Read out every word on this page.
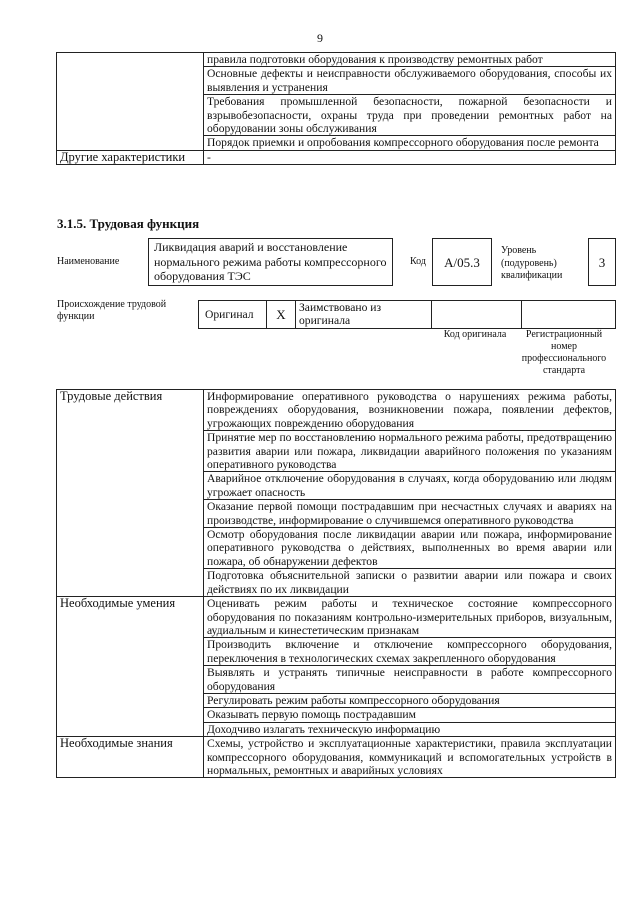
9
	правила подготовки оборудования к производству ремонтных работ
	Основные дефекты и неисправности обслуживаемого оборудования, способы их выявления и устранения
	Требования промышленной безопасности, пожарной безопасности и взрывобезопасности, охраны труда при проведении ремонтных работ на оборудовании зоны обслуживания
	Порядок приемки и опробования компрессорного оборудования после ремонта
Другие характеристики	-
3.1.5. Трудовая функция
Наименование
Ликвидация аварий и восстановление нормального режима работы компрессорного оборудования ТЭС
Код	A/05.3
Уровень (подуровень) квалификации
3
Происхождение трудовой функции	Оригинал	X	Заимствовано из оригинала		
Код оригинала	Регистрационный номер профессионального стандарта
Трудовые действия	Информирование оперативного руководства о нарушениях режима работы, повреждениях оборудования, возникновении пожара, появлении дефектов, угрожающих повреждению оборудования
	Принятие мер по восстановлению нормального режима работы, предотвращению развития аварии или пожара, ликвидации аварийного положения по указаниям оперативного руководства
	Аварийное отключение оборудования в случаях, когда оборудованию или людям угрожает опасность
	Оказание первой помощи пострадавшим при несчастных случаях и авариях на производстве, информирование о случившемся оперативного руководства
	Осмотр оборудования после ликвидации аварии или пожара, информирование оперативного руководства о действиях, выполненных во время аварии или пожара, об обнаружении дефектов
	Подготовка объяснительной записки о развитии аварии или пожара и своих действиях по их ликвидации
Необходимые умения	Оценивать режим работы и техническое состояние компрессорного оборудования по показаниям контрольно-измерительных приборов, визуальным, аудиальным и кинестетическим признакам
	Производить включение и отключение компрессорного оборудования, переключения в технологических схемах закрепленного оборудования
	Выявлять и устранять типичные неисправности в работе компрессорного оборудования
	Регулировать режим работы компрессорного оборудования
	Оказывать первую помощь пострадавшим
	Доходчиво излагать техническую информацию
Необходимые знания	Схемы, устройство и эксплуатационные характеристики, правила эксплуатации компрессорного оборудования, коммуникаций и вспомогательных устройств в нормальных, ремонтных и аварийных условиях
